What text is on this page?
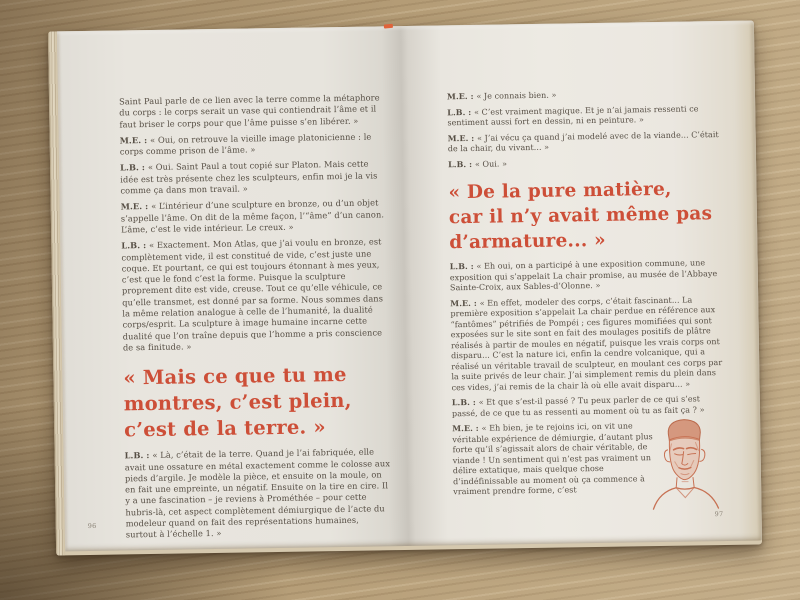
Saint Paul parle de ce lien avec la terre comme la métaphore du corps : le corps serait un vase qui contiendrait l’âme et il faut briser le corps pour que l’âme puisse s’en libérer. »

M.E. : « Oui, on retrouve la vieille image platonicienne : le corps comme prison de l’âme. »

L.B. : « Oui. Saint Paul a tout copié sur Platon. Mais cette idée est très présente chez les sculpteurs, enfin moi je la vis comme ça dans mon travail. »

M.E. : « L’intérieur d’une sculpture en bronze, ou d’un objet s’appelle l’âme. On dit de la même façon, l’“âme” d’un canon. L’âme, c’est le vide intérieur. Le creux. »

L.B. : « Exactement. Mon Atlas, que j’ai voulu en bronze, est complètement vide, il est constitué de vide, c’est juste une coque. Et pourtant, ce qui est toujours étonnant à mes yeux, c’est que le fond c’est la forme. Puisque la sculpture proprement dite est vide, creuse. Tout ce qu’elle véhicule, ce qu’elle transmet, est donné par sa forme. Nous sommes dans la même relation analogue à celle de l’humanité, la dualité corps/esprit. La sculpture à image humaine incarne cette dualité que l’on traîne depuis que l’homme a pris conscience de sa finitude. »

« Mais ce que tu me
montres, c’est plein,
c’est de la terre. »

L.B. : « Là, c’était de la terre. Quand je l’ai fabriquée, elle avait une ossature en métal exactement comme le colosse aux pieds d’argile. Je modèle la pièce, et ensuite on la moule, on en fait une empreinte, un négatif. Ensuite on la tire en cire. Il y a une fascination – je reviens à Prométhée – pour cette hubris-là, cet aspect complètement démiurgique de l’acte du modeleur quand on fait des représentations humaines, surtout à l’échelle 1. »

M.E. : « Je connais bien. »

L.B. : « C’est vraiment magique. Et je n’ai jamais ressenti ce sentiment aussi fort en dessin, ni en peinture. »

M.E. : « J’ai vécu ça quand j’ai modelé avec de la viande... C’était de la chair, du vivant... »

L.B. : « Oui. »

« De la pure matière,
car il n’y avait même pas
d’armature... »

L.B. : « Eh oui, on a participé à une exposition commune, une exposition qui s’appelait La chair promise, au musée de l’Abbaye Sainte-Croix, aux Sables-d’Olonne. »

M.E. : « En effet, modeler des corps, c’était fascinant... La première exposition s’appelait La chair perdue en référence aux “fantômes” pétrifiés de Pompéi ; ces figures momifiées qui sont exposées sur le site sont en fait des moulages positifs de plâtre réalisés à partir de moules en négatif, puisque les vrais corps ont disparu... C’est la nature ici, enfin la cendre volcanique, qui a réalisé un véritable travail de sculpteur, en moulant ces corps par la suite privés de leur chair. J’ai simplement remis du plein dans ces vides, j’ai remis de la chair là où elle avait disparu... »

L.B. : « Et que s’est-il passé ? Tu peux parler de ce qui s’est passé, de ce que tu as ressenti au moment où tu as fait ça ? »

M.E. : « Eh bien, je te rejoins ici, on vit une véritable expérience de démiurgie, d’autant plus forte qu’il s’agissait alors de chair véritable, de viande ! Un sentiment qui n’est pas vraiment un délire extatique, mais quelque chose d’indéfinissable au moment où ça commence à vraiment prendre forme, c’est

96
97
